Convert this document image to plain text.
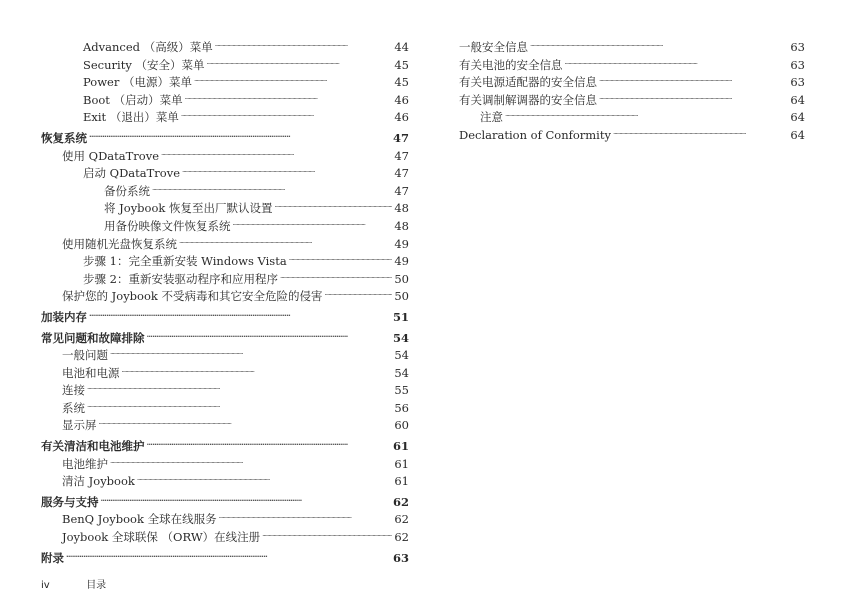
Advanced （高级）菜单 . . .	44
Security （安全）菜单 . . .	45
Power （电源）菜单 . . .	45
Boot （启动）菜单 . . .	46
Exit （退出）菜单 . . .	46
恢复系统 . . .	47
使用 QDataTrove . . .	47
启动 QDataTrove . . .	47
备份系统 . . .	47
将 Joybook 恢复至出厂默认设置 . . .	48
用备份映像文件恢复系统 . . .	48
使用随机光盘恢复系统 . . .	49
步骤 1：完全重新安装 Windows Vista . . .	49
步骤 2：重新安装驱动程序和应用程序 . . .	50
保护您的 Joybook 不受病毒和其它安全危险的侵害 . . .	50
加装内存 . . .	51
常见问题和故障排除 . . .	54
一般问题 . . .	54
电池和电源 . . .	54
连接 . . .	55
系统 . . .	56
显示屏 . . .	60
有关清洁和电池维护 . . .	61
电池维护 . . .	61
清洁 Joybook . . .	61
服务与支持 . . .	62
BenQ Joybook 全球在线服务 . . .	62
Joybook 全球联保 （ORW）在线注册 . . .	62
附录 . . .	63
一般安全信息 . . .	63
有关电池的安全信息 . . .	63
有关电源适配器的安全信息 . . .	63
有关调制解调器的安全信息 . . .	64
注意 . . .	64
Declaration of Conformity . . .	64
iv	目录
